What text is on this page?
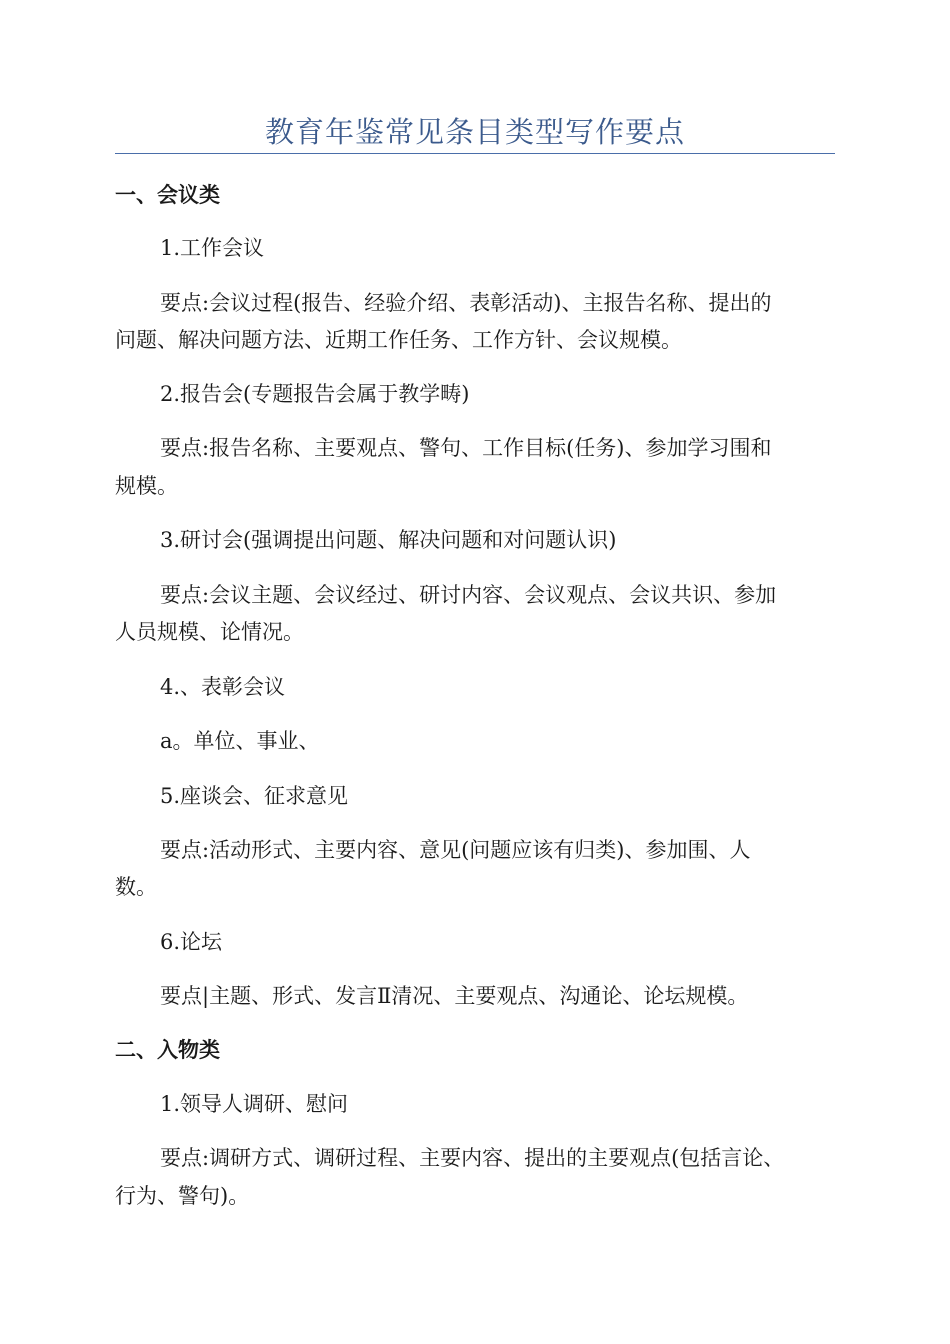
教育年鉴常见条目类型写作要点
一、会议类
1.工作会议
要点:会议过程(报告、经验介绍、表彰活动)、主报告名称、提出的
问题、解决问题方法、近期工作任务、工作方针、会议规模。
2.报告会(专题报告会属于教学畴)
要点:报告名称、主要观点、警句、工作目标(任务)、参加学习围和
规模。
3.研讨会(强调提出问题、解决问题和对问题认识)
要点:会议主题、会议经过、研讨内容、会议观点、会议共识、参加
人员规模、论情况。
4.、表彰会议
a。单位、事业、
5.座谈会、征求意见
要点:活动形式、主要内容、意见(问题应该有归类)、参加围、人
数。
6.论坛
要点|主题、形式、发言Ⅱ清况、主要观点、沟通论、论坛规模。
二、入物类
1.领导人调研、慰问
要点:调研方式、调研过程、主要内容、提出的主要观点(包括言论、
行为、警句)。
